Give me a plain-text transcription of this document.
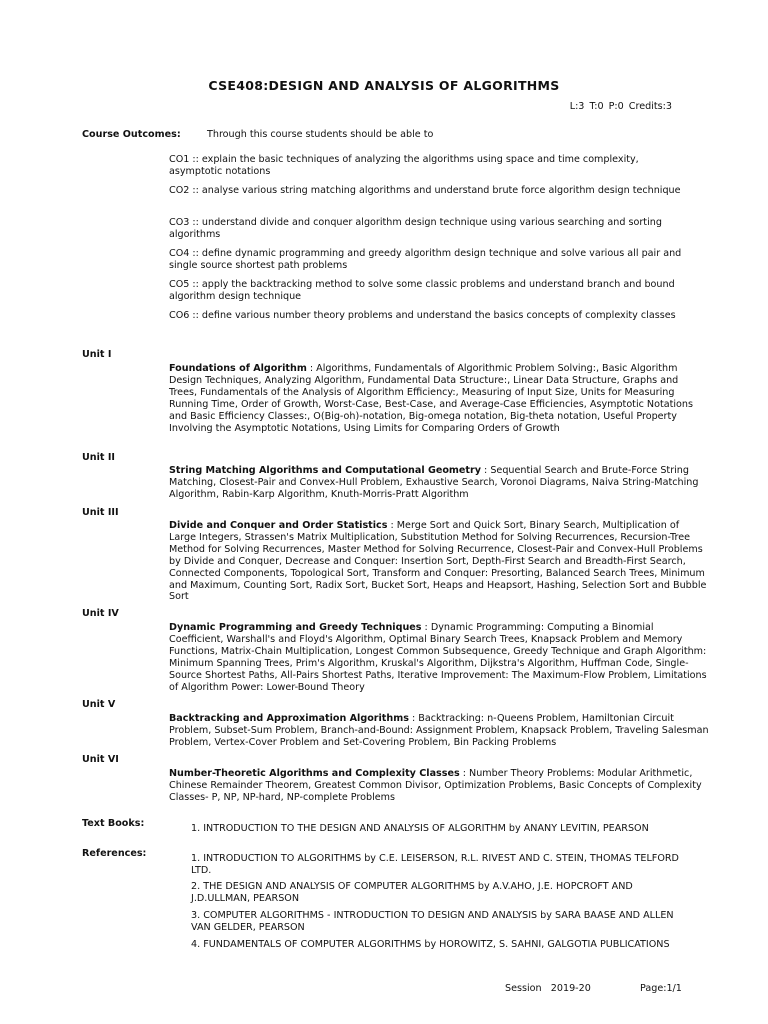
CSE408:DESIGN AND ANALYSIS OF ALGORITHMS
L:3 T:0 P:0 Credits:3
Course Outcomes:	Through this course students should be able to
CO1 :: explain the basic techniques of analyzing the algorithms using space and time complexity, asymptotic notations
CO2 :: analyse various string matching algorithms and understand brute force algorithm design technique
CO3 :: understand divide and conquer algorithm design technique using various searching and sorting algorithms
CO4 :: define dynamic programming and greedy algorithm design technique and solve various all pair and single source shortest path problems
CO5 :: apply the backtracking method to solve some classic problems and understand branch and bound algorithm design technique
CO6 :: define various number theory problems and understand the basics concepts of complexity classes
Unit I
Foundations of Algorithm : Algorithms, Fundamentals of Algorithmic Problem Solving:, Basic Algorithm Design Techniques, Analyzing Algorithm, Fundamental Data Structure:, Linear Data Structure, Graphs and Trees, Fundamentals of the Analysis of Algorithm Efficiency:, Measuring of Input Size, Units for Measuring Running Time, Order of Growth, Worst-Case, Best-Case, and Average-Case Efficiencies, Asymptotic Notations and Basic Efficiency Classes:, O(Big-oh)-notation, Big-omega notation, Big-theta notation, Useful Property Involving the Asymptotic Notations, Using Limits for Comparing Orders of Growth
Unit II
String Matching Algorithms and Computational Geometry : Sequential Search and Brute-Force String Matching, Closest-Pair and Convex-Hull Problem, Exhaustive Search, Voronoi Diagrams, Naiva String-Matching Algorithm, Rabin-Karp Algorithm, Knuth-Morris-Pratt Algorithm
Unit III
Divide and Conquer and Order Statistics : Merge Sort and Quick Sort, Binary Search, Multiplication of Large Integers, Strassen's Matrix Multiplication, Substitution Method for Solving Recurrences, Recursion-Tree Method for Solving Recurrences, Master Method for Solving Recurrence, Closest-Pair and Convex-Hull Problems by Divide and Conquer, Decrease and Conquer: Insertion Sort, Depth-First Search and Breadth-First Search, Connected Components, Topological Sort, Transform and Conquer: Presorting, Balanced Search Trees, Minimum and Maximum, Counting Sort, Radix Sort, Bucket Sort, Heaps and Heapsort, Hashing, Selection Sort and Bubble Sort
Unit IV
Dynamic Programming and Greedy Techniques : Dynamic Programming: Computing a Binomial Coefficient, Warshall's and Floyd's Algorithm, Optimal Binary Search Trees, Knapsack Problem and Memory Functions, Matrix-Chain Multiplication, Longest Common Subsequence, Greedy Technique and Graph Algorithm: Minimum Spanning Trees, Prim's Algorithm, Kruskal's Algorithm, Dijkstra's Algorithm, Huffman Code, Single-Source Shortest Paths, All-Pairs Shortest Paths, Iterative Improvement: The Maximum-Flow Problem, Limitations of Algorithm Power: Lower-Bound Theory
Unit V
Backtracking and Approximation Algorithms : Backtracking: n-Queens Problem, Hamiltonian Circuit Problem, Subset-Sum Problem, Branch-and-Bound: Assignment Problem, Knapsack Problem, Traveling Salesman Problem, Vertex-Cover Problem and Set-Covering Problem, Bin Packing Problems
Unit VI
Number-Theoretic Algorithms and Complexity Classes : Number Theory Problems: Modular Arithmetic, Chinese Remainder Theorem, Greatest Common Divisor, Optimization Problems, Basic Concepts of Complexity Classes- P, NP, NP-hard, NP-complete Problems
Text Books:	1. INTRODUCTION TO THE DESIGN AND ANALYSIS OF ALGORITHM by ANANY LEVITIN, PEARSON
References:	1. INTRODUCTION TO ALGORITHMS by C.E. LEISERSON, R.L. RIVEST AND C. STEIN, THOMAS TELFORD LTD.
2. THE DESIGN AND ANALYSIS OF COMPUTER ALGORITHMS by A.V.AHO, J.E. HOPCROFT AND J.D.ULLMAN, PEARSON
3. COMPUTER ALGORITHMS - INTRODUCTION TO DESIGN AND ANALYSIS by SARA BAASE AND ALLEN VAN GELDER, PEARSON
4. FUNDAMENTALS OF COMPUTER ALGORITHMS by HOROWITZ, S. SAHNI, GALGOTIA PUBLICATIONS
Session   2019-20	Page:1/1
